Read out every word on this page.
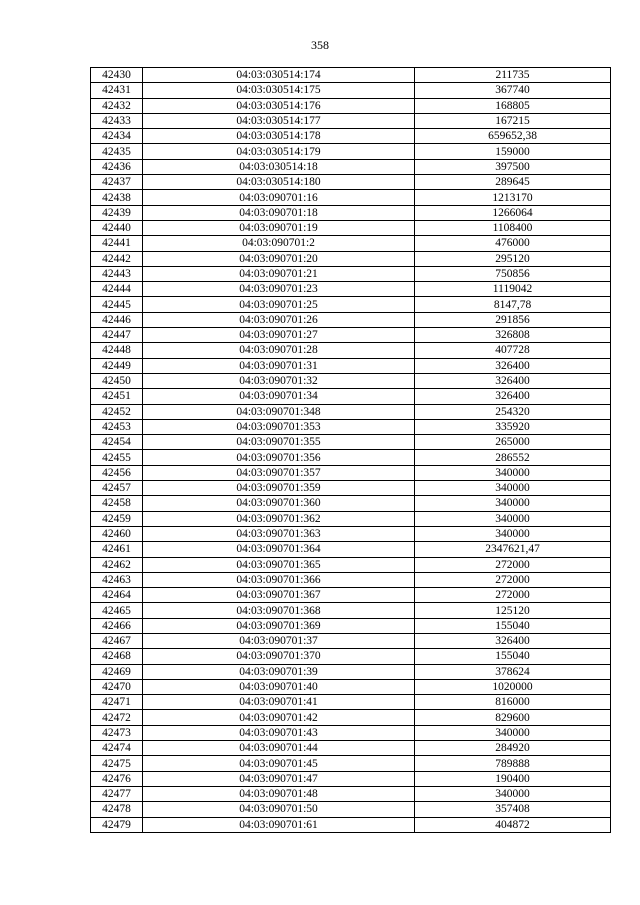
358
42430	04:03:030514:174	211735
42431	04:03:030514:175	367740
42432	04:03:030514:176	168805
42433	04:03:030514:177	167215
42434	04:03:030514:178	659652,38
42435	04:03:030514:179	159000
42436	04:03:030514:18	397500
42437	04:03:030514:180	289645
42438	04:03:090701:16	1213170
42439	04:03:090701:18	1266064
42440	04:03:090701:19	1108400
42441	04:03:090701:2	476000
42442	04:03:090701:20	295120
42443	04:03:090701:21	750856
42444	04:03:090701:23	1119042
42445	04:03:090701:25	8147,78
42446	04:03:090701:26	291856
42447	04:03:090701:27	326808
42448	04:03:090701:28	407728
42449	04:03:090701:31	326400
42450	04:03:090701:32	326400
42451	04:03:090701:34	326400
42452	04:03:090701:348	254320
42453	04:03:090701:353	335920
42454	04:03:090701:355	265000
42455	04:03:090701:356	286552
42456	04:03:090701:357	340000
42457	04:03:090701:359	340000
42458	04:03:090701:360	340000
42459	04:03:090701:362	340000
42460	04:03:090701:363	340000
42461	04:03:090701:364	2347621,47
42462	04:03:090701:365	272000
42463	04:03:090701:366	272000
42464	04:03:090701:367	272000
42465	04:03:090701:368	125120
42466	04:03:090701:369	155040
42467	04:03:090701:37	326400
42468	04:03:090701:370	155040
42469	04:03:090701:39	378624
42470	04:03:090701:40	1020000
42471	04:03:090701:41	816000
42472	04:03:090701:42	829600
42473	04:03:090701:43	340000
42474	04:03:090701:44	284920
42475	04:03:090701:45	789888
42476	04:03:090701:47	190400
42477	04:03:090701:48	340000
42478	04:03:090701:50	357408
42479	04:03:090701:61	404872
